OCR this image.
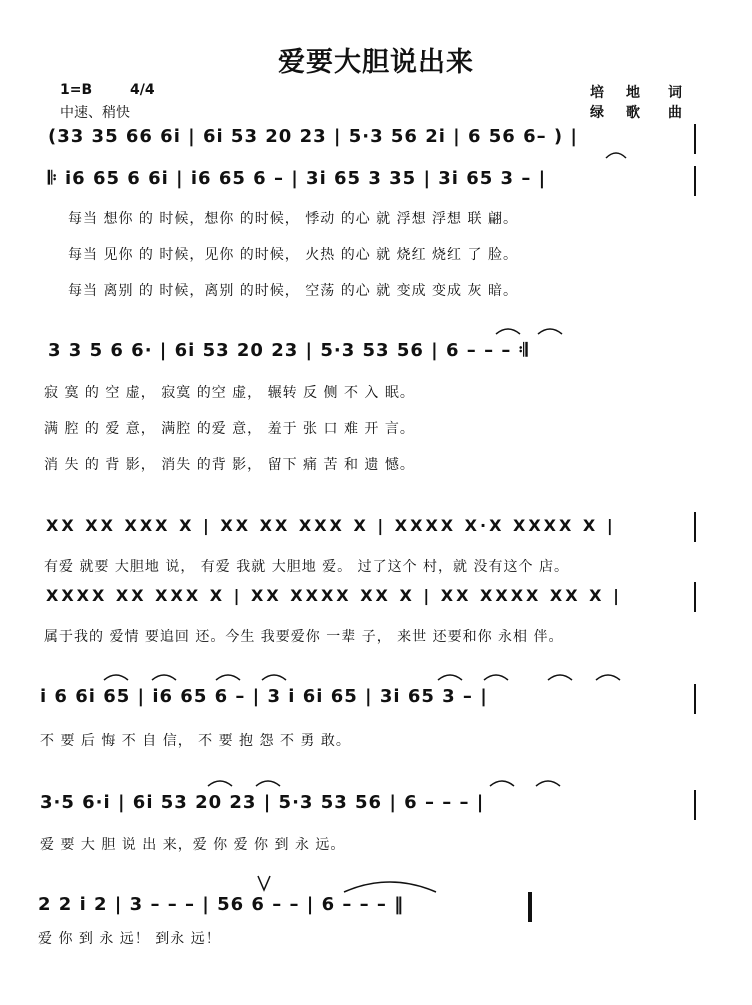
爱要大胆说出来
1=B	4/4
中速、稍快
培地 词
绿歌 曲
(33 35 66 6i | 6i 53 20 23 | 5·3 56 2i | 6 56 6– ) |
𝄆 i6 65 6 6i | i6 65 6 – | 3i 65 3 35 | 3i 65 3 – |
每当 想你 的 时候，想你 的时候， 悸动 的心 就 浮想 浮想 联 翩。
每当 见你 的 时候，见你 的时候， 火热 的心 就 烧红 烧红 了 脸。
每当 离别 的 时候，离别 的时候， 空荡 的心 就 变成 变成 灰 暗。
3 3 5 6 6· | 6i 53 20 23 | 5·3 53 56 | 6 – – – 𝄇
寂 寞 的 空 虚， 寂寞 的空 虚， 辗转 反 侧 不 入 眠。
满 腔 的 爱 意， 满腔 的爱 意， 羞于 张 口 难 开 言。
消 失 的 背 影， 消失 的背 影， 留下 痛 苦 和 遗 憾。
XX XX XXX X | XX XX XXX X | XXXX X·X XXXX X |
有爱 就要 大胆地 说， 有爱 我就 大胆地 爱。 过了这个 村，就 没有这个 店。
XXXX XX XXX X | XX XXXX XX X | XX XXXX XX X |
属于我的 爱情 要追回 还。今生 我要爱你 一辈 子， 来世 还要和你 永相 伴。
i 6 6i 65 | i6 65 6 – | 3 i 6i 65 | 3i 65 3 – |
不 要 后 悔 不 自 信， 不 要 抱 怨 不 勇 敢。
3·5 6·i | 6i 53 20 23 | 5·3 53 56 | 6 – – – |
爱 要 大 胆 说 出 来，爱 你 爱 你 到 永 远。
2 2 i 2 | 3 – – – | 56 6 – – | 6 – – – ‖
爱 你 到 永 远！ 到永 远！
